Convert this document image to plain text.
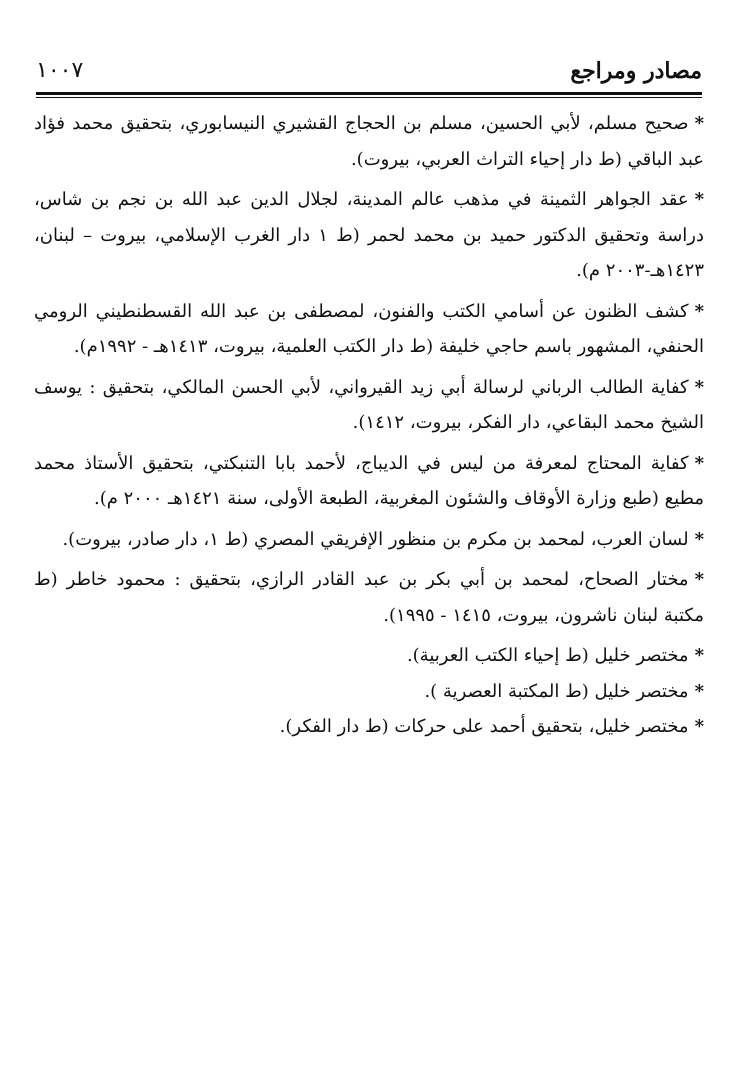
مصادر ومراجع
١٠٠٧
*صحيح مسلم، لأبي الحسين، مسلم بن الحجاج القشيري النيسابوري، بتحقيق محمد فؤاد عبد الباقي (ط دار إحياء التراث العربي، بيروت).
*عقد الجواهر الثمينة في مذهب عالم المدينة، لجلال الدين عبد الله بن نجم بن شاس، دراسة وتحقيق الدكتور حميد بن محمد لحمر (ط ١ دار الغرب الإسلامي، بيروت – لبنان، ١٤٢٣هـ-٢٠٠٣ م).
*كشف الظنون عن أسامي الكتب والفنون، لمصطفى بن عبد الله القسطنطيني الرومي الحنفي، المشهور باسم حاجي خليفة (ط دار الكتب العلمية، بيروت، ١٤١٣هـ - ١٩٩٢م).
*كفاية الطالب الرباني لرسالة أبي زيد القيرواني، لأبي الحسن المالكي، بتحقيق : يوسف الشيخ محمد البقاعي، دار الفكر، بيروت، ١٤١٢).
*كفاية المحتاج لمعرفة من ليس في الديباج، لأحمد بابا التنبكتي، بتحقيق الأستاذ محمد مطيع (طبع وزارة الأوقاف والشئون المغربية، الطبعة الأولى، سنة ١٤٢١هـ ٢٠٠٠ م).
*لسان العرب، لمحمد بن مكرم بن منظور الإفريقي المصري (ط ١، دار صادر، بيروت).
*مختار الصحاح، لمحمد بن أبي بكر بن عبد القادر الرازي، بتحقيق : محمود خاطر (ط مكتبة لبنان ناشرون، بيروت، ١٤١٥ - ١٩٩٥).
*مختصر خليل (ط إحياء الكتب العربية).
*مختصر خليل (ط المكتبة العصرية ).
*مختصر خليل، بتحقيق أحمد على حركات (ط دار الفكر).
